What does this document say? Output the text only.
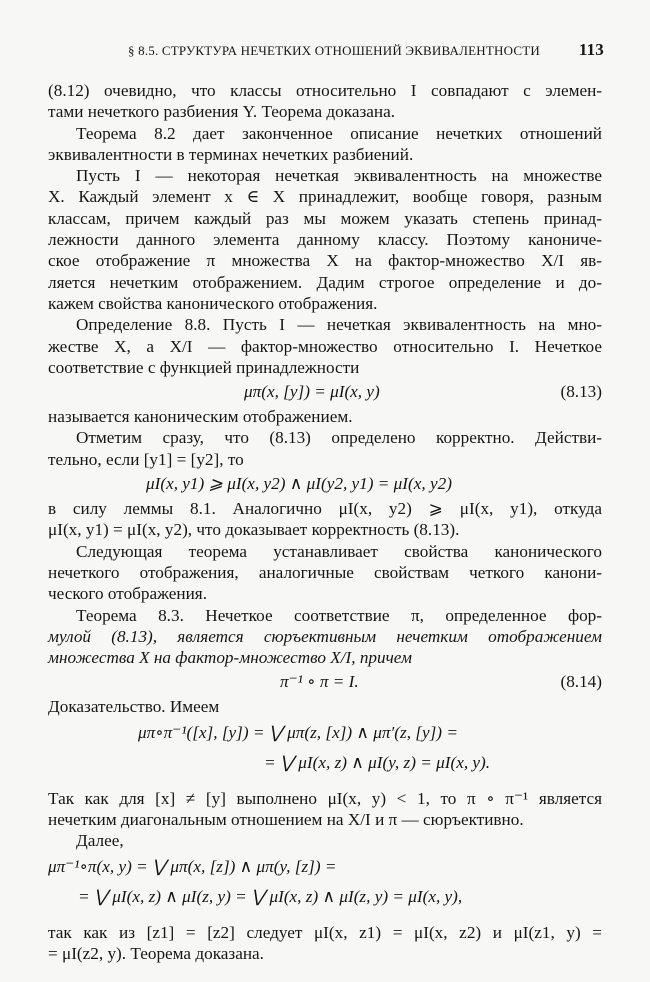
§ 8.5. СТРУКТУРА НЕЧЕТКИХ ОТНОШЕНИЙ ЭКВИВАЛЕНТНОСТИ 113
(8.12) очевидно, что классы относительно I совпадают с элемен-
тами нечеткого разбиения Y. Теорема доказана.
Теорема 8.2 дает законченное описание нечетких отношений
эквивалентности в терминах нечетких разбиений.
Пусть I — некоторая нечеткая эквивалентность на множестве
X. Каждый элемент x ∈ X принадлежит, вообще говоря, разным
классам, причем каждый раз мы можем указать степень принад-
лежности данного элемента данному классу. Поэтому канониче-
ское отображение π множества X на фактор-множество X/I яв-
ляется нечетким отображением. Дадим строгое определение и до-
кажем свойства канонического отображения.
Определение 8.8. Пусть I — нечеткая эквивалентность на мно-
жестве X, а X/I — фактор-множество относительно I. Нечеткое
соответствие с функцией принадлежности
μπ(x, [y]) = μI(x, y)	(8.13)
называется каноническим отображением.
Отметим сразу, что (8.13) определено корректно. Действи-
тельно, если [y1] = [y2], то
μI(x, y1) ⩾ μI(x, y2) ∧ μI(y2, y1) = μI(x, y2)
в силу леммы 8.1. Аналогично μI(x, y2) ⩾ μI(x, y1), откуда
μI(x, y1) = μI(x, y2), что доказывает корректность (8.13).
Следующая теорема устанавливает свойства канонического
нечеткого отображения, аналогичные свойствам четкого канони-
ческого отображения.
Теорема 8.3. Нечеткое соответствие π, определенное фор-
мулой (8.13), является сюръективным нечетким отображением
множества X на фактор-множество X/I, причем
π⁻¹ ∘ π = I.	(8.14)
Доказательство. Имеем
μπ∘π⁻¹([x], [y]) = ⋁ μπ(z, [x]) ∧ μπ′(z, [y]) =
= ⋁ μI(x, z) ∧ μI(y, z) = μI(x, y).
Так как для [x] ≠ [y] выполнено μI(x, y) < 1, то π ∘ π⁻¹ является
нечетким диагональным отношением на X/I и π — сюръективно.
Далее,
μπ⁻¹∘π(x, y) = ⋁ μπ(x, [z]) ∧ μπ(y, [z]) =
= ⋁ μI(x, z) ∧ μI(z, y) = ⋁ μI(x, z) ∧ μI(z, y) = μI(x, y),
так как из [z1] = [z2] следует μI(x, z1) = μI(x, z2) и μI(z1, y) =
= μI(z2, y). Теорема доказана.
